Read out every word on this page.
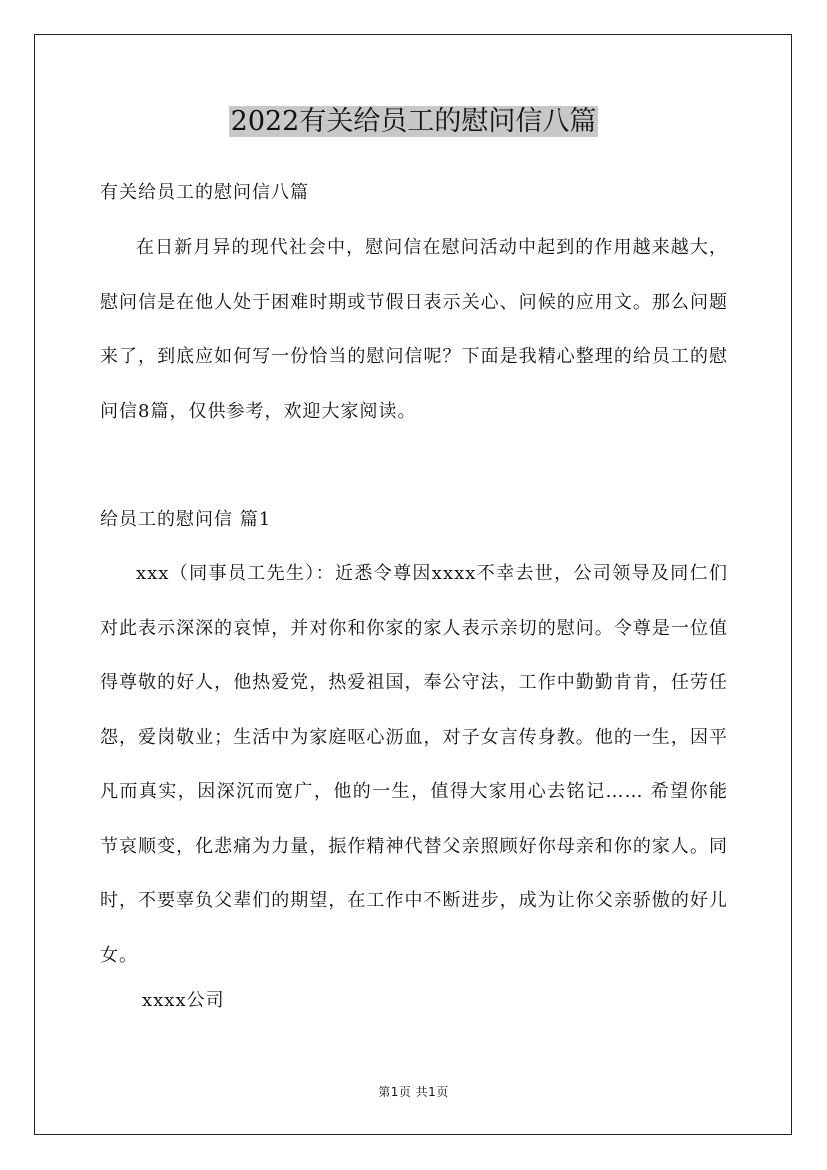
2022有关给员工的慰问信八篇

有关给员工的慰问信八篇

在日新月异的现代社会中，慰问信在慰问活动中起到的作用越来越大，慰问信是在他人处于困难时期或节假日表示关心、问候的应用文。那么问题来了，到底应如何写一份恰当的慰问信呢？下面是我精心整理的给员工的慰问信8篇，仅供参考，欢迎大家阅读。

给员工的慰问信 篇1

xxx（同事员工先生）：近悉令尊因xxxx不幸去世，公司领导及同仁们对此表示深深的哀悼，并对你和你家的家人表示亲切的慰问。令尊是一位值得尊敬的好人，他热爱党，热爱祖国，奉公守法，工作中勤勤肯肯，任劳任怨，爱岗敬业；生活中为家庭呕心沥血，对子女言传身教。他的一生，因平凡而真实，因深沉而宽广，他的一生，值得大家用心去铭记…… 希望你能节哀顺变，化悲痛为力量，振作精神代替父亲照顾好你母亲和你的家人。同时，不要辜负父辈们的期望，在工作中不断进步，成为让你父亲骄傲的好儿女。

xxxx公司

第1页 共1页
